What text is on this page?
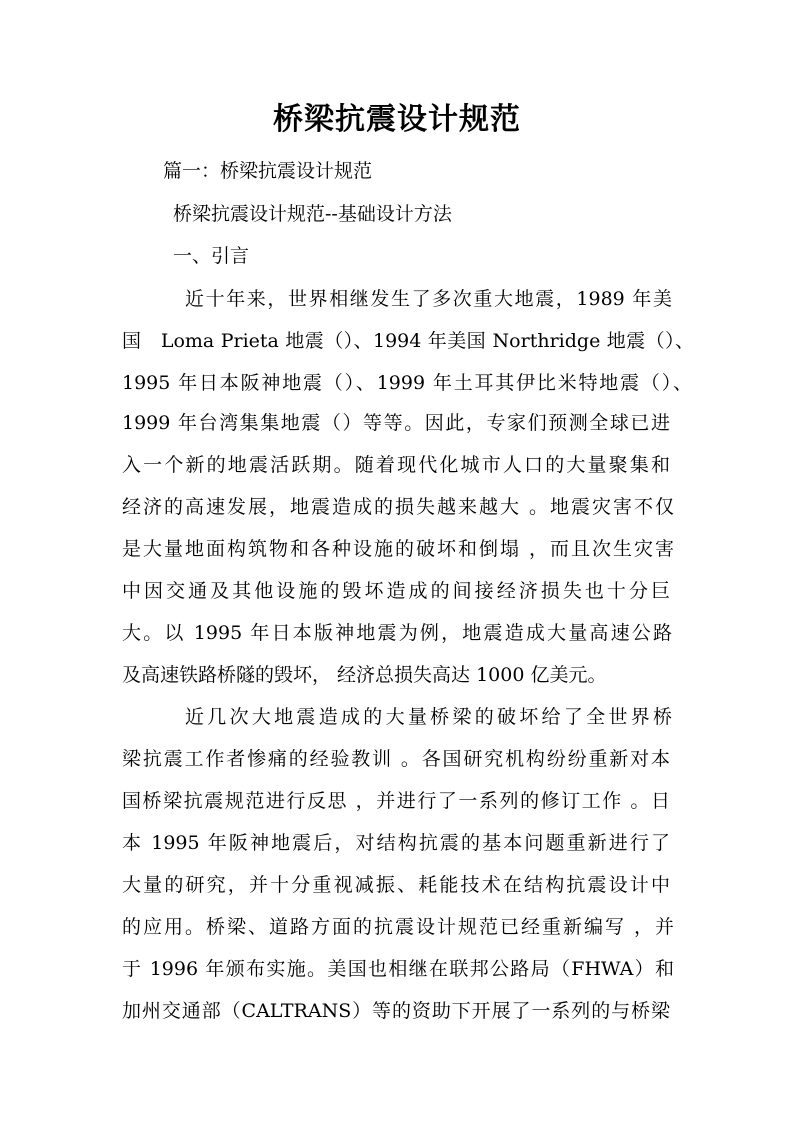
桥梁抗震设计规范

篇一：桥梁抗震设计规范

桥梁抗震设计规范--基础设计方法

一、引言

近十年来，世界相继发生了多次重大地震，1989 年美

国　Loma Prieta 地震（）、1994 年美国 Northridge 地震（）、

1995 年日本阪神地震（）、1999 年土耳其伊比米特地震（）、

1999 年台湾集集地震（）等等。因此，专家们预测全球已进

入一个新的地震活跃期。随着现代化城市人口的大量聚集和

经济的高速发展，地震造成的损失越来越大 。地震灾害不仅

是大量地面构筑物和各种设施的破坏和倒塌 ，而且次生灾害

中因交通及其他设施的毁坏造成的间接经济损失也十分巨

大。以 1995 年日本版神地震为例，地震造成大量高速公路

及高速铁路桥隧的毁坏， 经济总损失高达 1000 亿美元。

近几次大地震造成的大量桥梁的破坏给了全世界桥

梁抗震工作者惨痛的经验教训 。各国研究机构纷纷重新对本

国桥梁抗震规范进行反思 ，并进行了一系列的修订工作 。日

本 1995 年阪神地震后，对结构抗震的基本问题重新进行了

大量的研究，并十分重视减振、耗能技术在结构抗震设计中

的应用。桥梁、道路方面的抗震设计规范已经重新编写 ，并

于 1996 年颁布实施。美国也相继在联邦公路局（FHWA）和

加州交通部（CALTRANS）等的资助下开展了一系列的与桥梁
